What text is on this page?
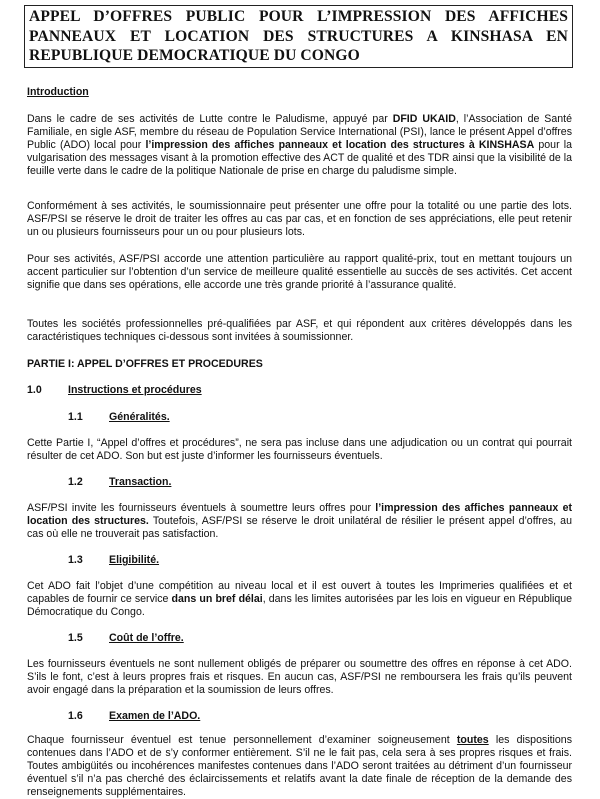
APPEL D’OFFRES PUBLIC POUR L’IMPRESSION DES AFFICHES PANNEAUX ET LOCATION DES STRUCTURES A KINSHASA EN REPUBLIQUE DEMOCRATIQUE DU CONGO
Introduction
Dans le cadre de ses activités de Lutte contre le Paludisme, appuyé par DFID UKAID, l’Association de Santé Familiale, en sigle ASF, membre du réseau de Population Service International (PSI), lance le présent Appel d’offres Public (ADO) local pour l’impression des affiches panneaux et location des structures à KINSHASA pour la vulgarisation des messages visant à la promotion effective des ACT de qualité et des TDR ainsi que la visibilité de la feuille verte dans le cadre de la politique Nationale de prise en charge du paludisme simple.
Conformément à ses activités, le soumissionnaire peut présenter une offre pour la totalité ou une partie des lots. ASF/PSI se réserve le droit de traiter les offres au cas par cas, et en fonction de ses appréciations, elle peut retenir un ou plusieurs fournisseurs pour un ou pour plusieurs lots.
Pour ses activités, ASF/PSI accorde une attention particulière au rapport qualité-prix, tout en mettant toujours un accent particulier sur l’obtention d’un service de meilleure qualité essentielle au succès de ses activités. Cet accent signifie que dans ses opérations, elle accorde une très grande priorité à l’assurance qualité.
Toutes les sociétés professionnelles pré-qualifiées par ASF, et qui répondent aux critères développés dans les caractéristiques techniques ci-dessous sont invitées à soumissionner.
PARTIE I: APPEL D’OFFRES ET PROCEDURES
1.0 Instructions et procédures
1.1 Généralités.
Cette Partie I, “Appel d’offres et procédures”, ne sera pas incluse dans une adjudication ou un contrat qui pourrait résulter de cet ADO. Son but est juste d’informer les fournisseurs éventuels.
1.2 Transaction.
ASF/PSI invite les fournisseurs éventuels à soumettre leurs offres pour l’impression des affiches panneaux et location des structures. Toutefois, ASF/PSI se réserve le droit unilatéral de résilier le présent appel d’offres, au cas où elle ne trouverait pas satisfaction.
1.3 Eligibilité.
Cet ADO fait l’objet d’une compétition au niveau local et il est ouvert à toutes les Imprimeries qualifiées et et capables de fournir ce service dans un bref délai, dans les limites autorisées par les lois en vigueur en République Démocratique du Congo.
1.5 Coût de l’offre.
Les fournisseurs éventuels ne sont nullement obligés de préparer ou soumettre des offres en réponse à cet ADO. S’ils le font, c’est à leurs propres frais et risques. En aucun cas, ASF/PSI ne remboursera les frais qu’ils peuvent avoir engagé dans la préparation et la soumission de leurs offres.
1.6 Examen de l’ADO.
Chaque fournisseur éventuel est tenue personnellement d’examiner soigneusement toutes les dispositions contenues dans l’ADO et de s’y conformer entièrement. S’il ne le fait pas, cela sera à ses propres risques et frais. Toutes ambigüités ou incohérences manifestes contenues dans l’ADO seront traitées au détriment d’un fournisseur éventuel s’il n’a pas cherché des éclaircissements et relatifs avant la date finale de réception de la demande des renseignements supplémentaires.
